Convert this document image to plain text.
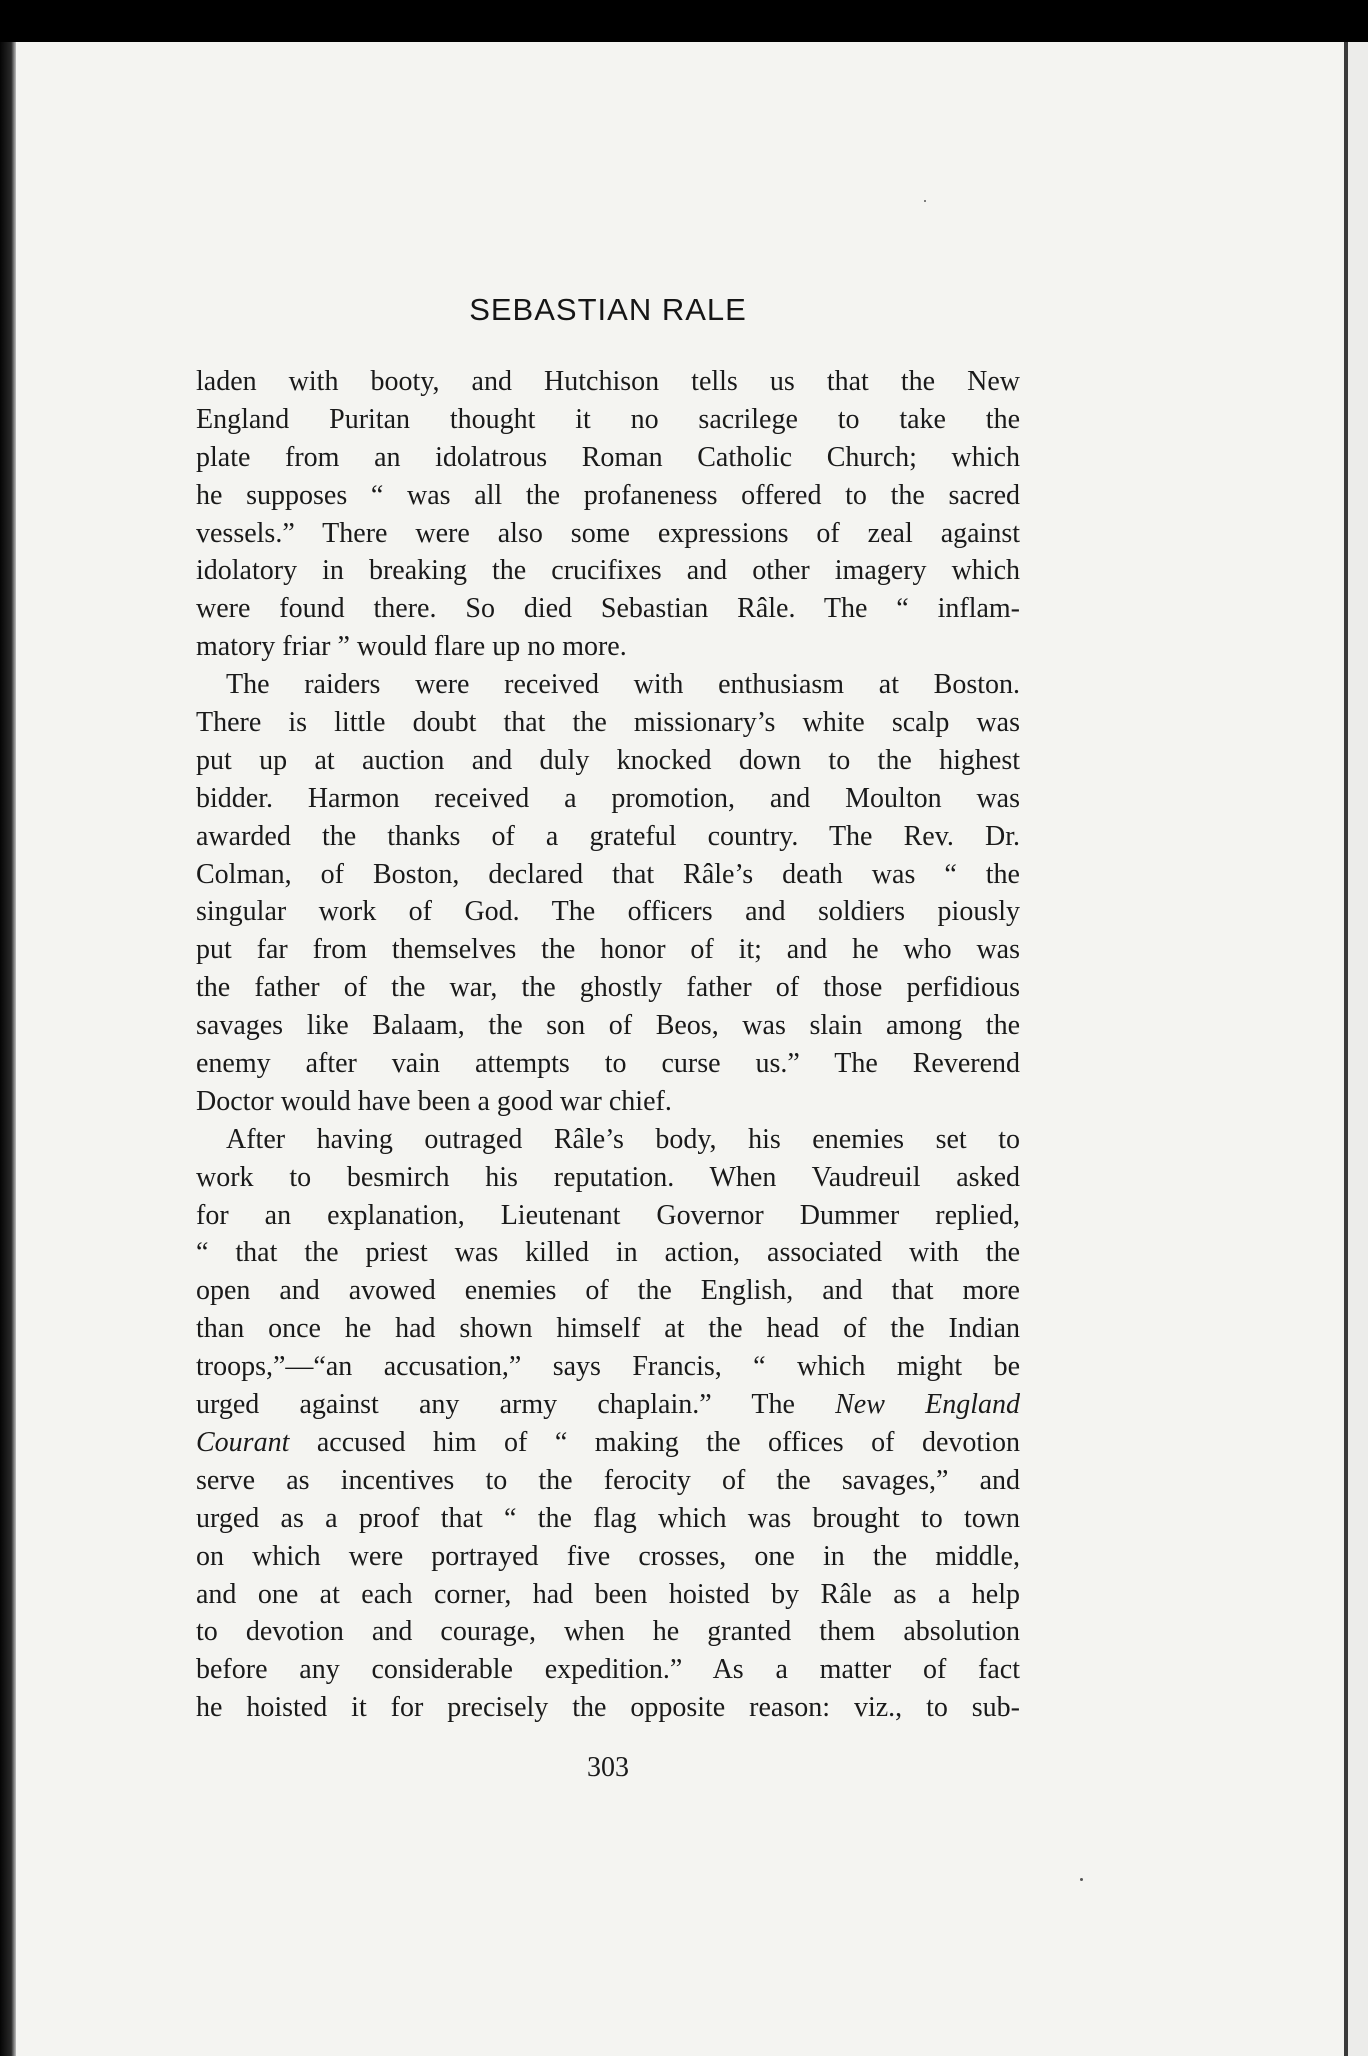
SEBASTIAN RALE
laden with booty, and Hutchison tells us that the New
England Puritan thought it no sacrilege to take the
plate from an idolatrous Roman Catholic Church; which
he supposes “ was all the profaneness offered to the sacred
vessels.” There were also some expressions of zeal against
idolatory in breaking the crucifixes and other imagery which
were found there. So died Sebastian Râle. The “ inflam-
matory friar ” would flare up no more.
The raiders were received with enthusiasm at Boston.
There is little doubt that the missionary’s white scalp was
put up at auction and duly knocked down to the highest
bidder. Harmon received a promotion, and Moulton was
awarded the thanks of a grateful country. The Rev. Dr.
Colman, of Boston, declared that Râle’s death was “ the
singular work of God. The officers and soldiers piously
put far from themselves the honor of it; and he who was
the father of the war, the ghostly father of those perfidious
savages like Balaam, the son of Beos, was slain among the
enemy after vain attempts to curse us.” The Reverend
Doctor would have been a good war chief.
After having outraged Râle’s body, his enemies set to
work to besmirch his reputation. When Vaudreuil asked
for an explanation, Lieutenant Governor Dummer replied,
“ that the priest was killed in action, associated with the
open and avowed enemies of the English, and that more
than once he had shown himself at the head of the Indian
troops,”—“an accusation,” says Francis, “ which might be
urged against any army chaplain.” The New England
Courant accused him of “ making the offices of devotion
serve as incentives to the ferocity of the savages,” and
urged as a proof that “ the flag which was brought to town
on which were portrayed five crosses, one in the middle,
and one at each corner, had been hoisted by Râle as a help
to devotion and courage, when he granted them absolution
before any considerable expedition.” As a matter of fact
he hoisted it for precisely the opposite reason: viz., to sub-
303
